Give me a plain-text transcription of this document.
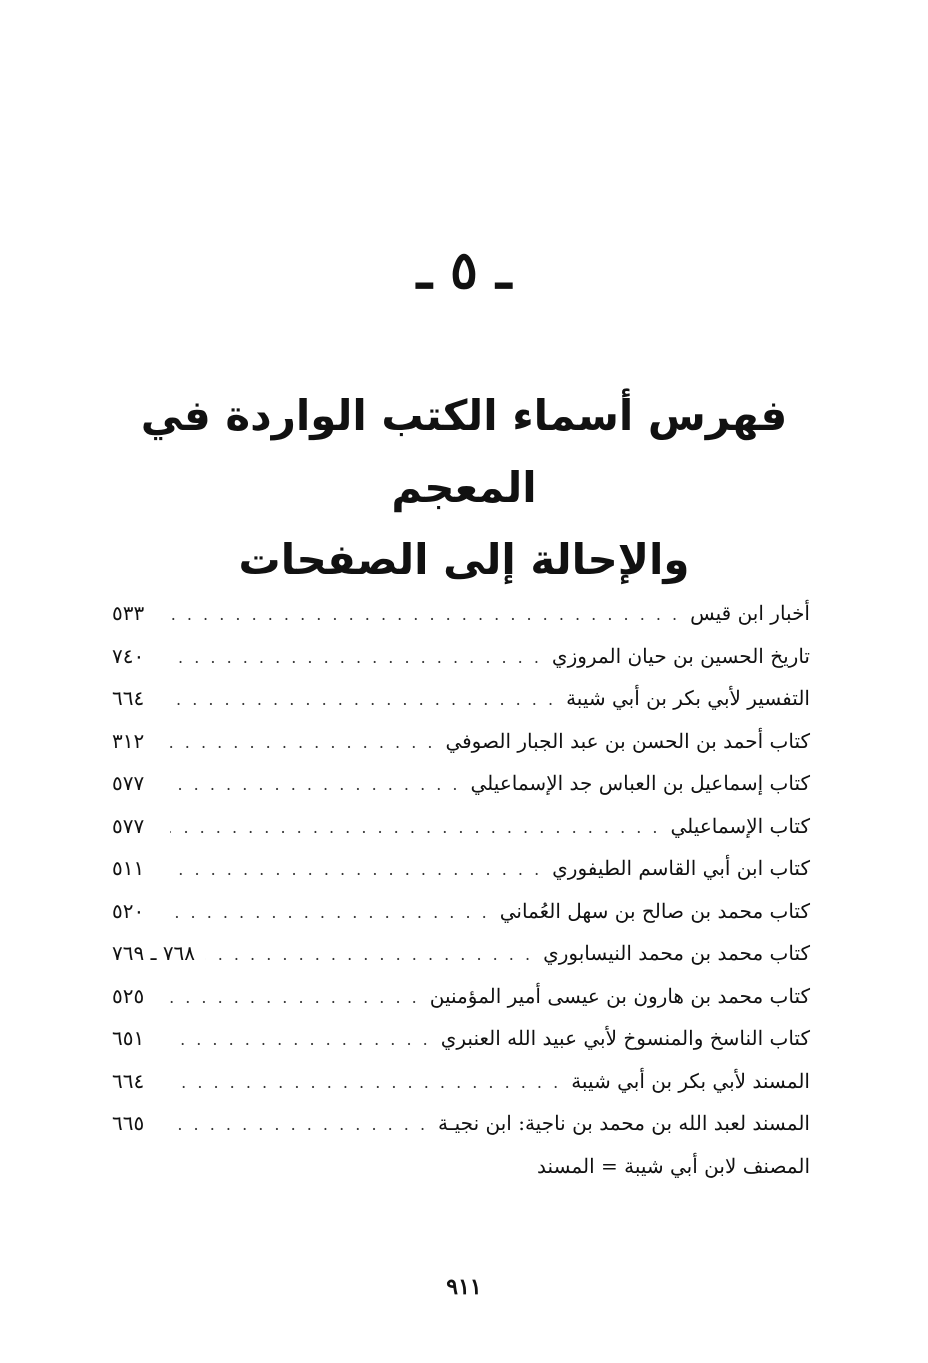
ـ ٥ ـ
فهرس أسماء الكتب الواردة في المعجم
والإحالة إلى الصفحات
أخبار ابن قيس
. . .
٥٣٣
تاريخ الحسين بن حيان المروزي
. . .
٧٤٠
التفسير لأبي بكر بن أبي شيبة
. . .
٦٦٤
كتاب أحمد بن الحسن بن عبد الجبار الصوفي
. . .
٣١٢
كتاب إسماعيل بن العباس جد الإسماعيلي
. . .
٥٧٧
كتاب الإسماعيلي
. . .
٥٧٧
كتاب ابن أبي القاسم الطيفوري
. . .
٥١١
كتاب محمد بن صالح بن سهل العُماني
. . .
٥٢٠
كتاب محمد بن محمد النيسابوري
. . .
٧٦٨ ـ ٧٦٩
كتاب محمد بن هارون بن عيسى أمير المؤمنين
. . .
٥٢٥
كتاب الناسخ والمنسوخ لأبي عبيد الله العنبري
. . .
٦٥١
المسند لأبي بكر بن أبي شيبة
. . .
٦٦٤
المسند لعبد الله بن محمد بن ناجية: ابن نجيـة
. . .
٦٦٥
المصنف لابن أبي شيبة = المسند
٩١١
